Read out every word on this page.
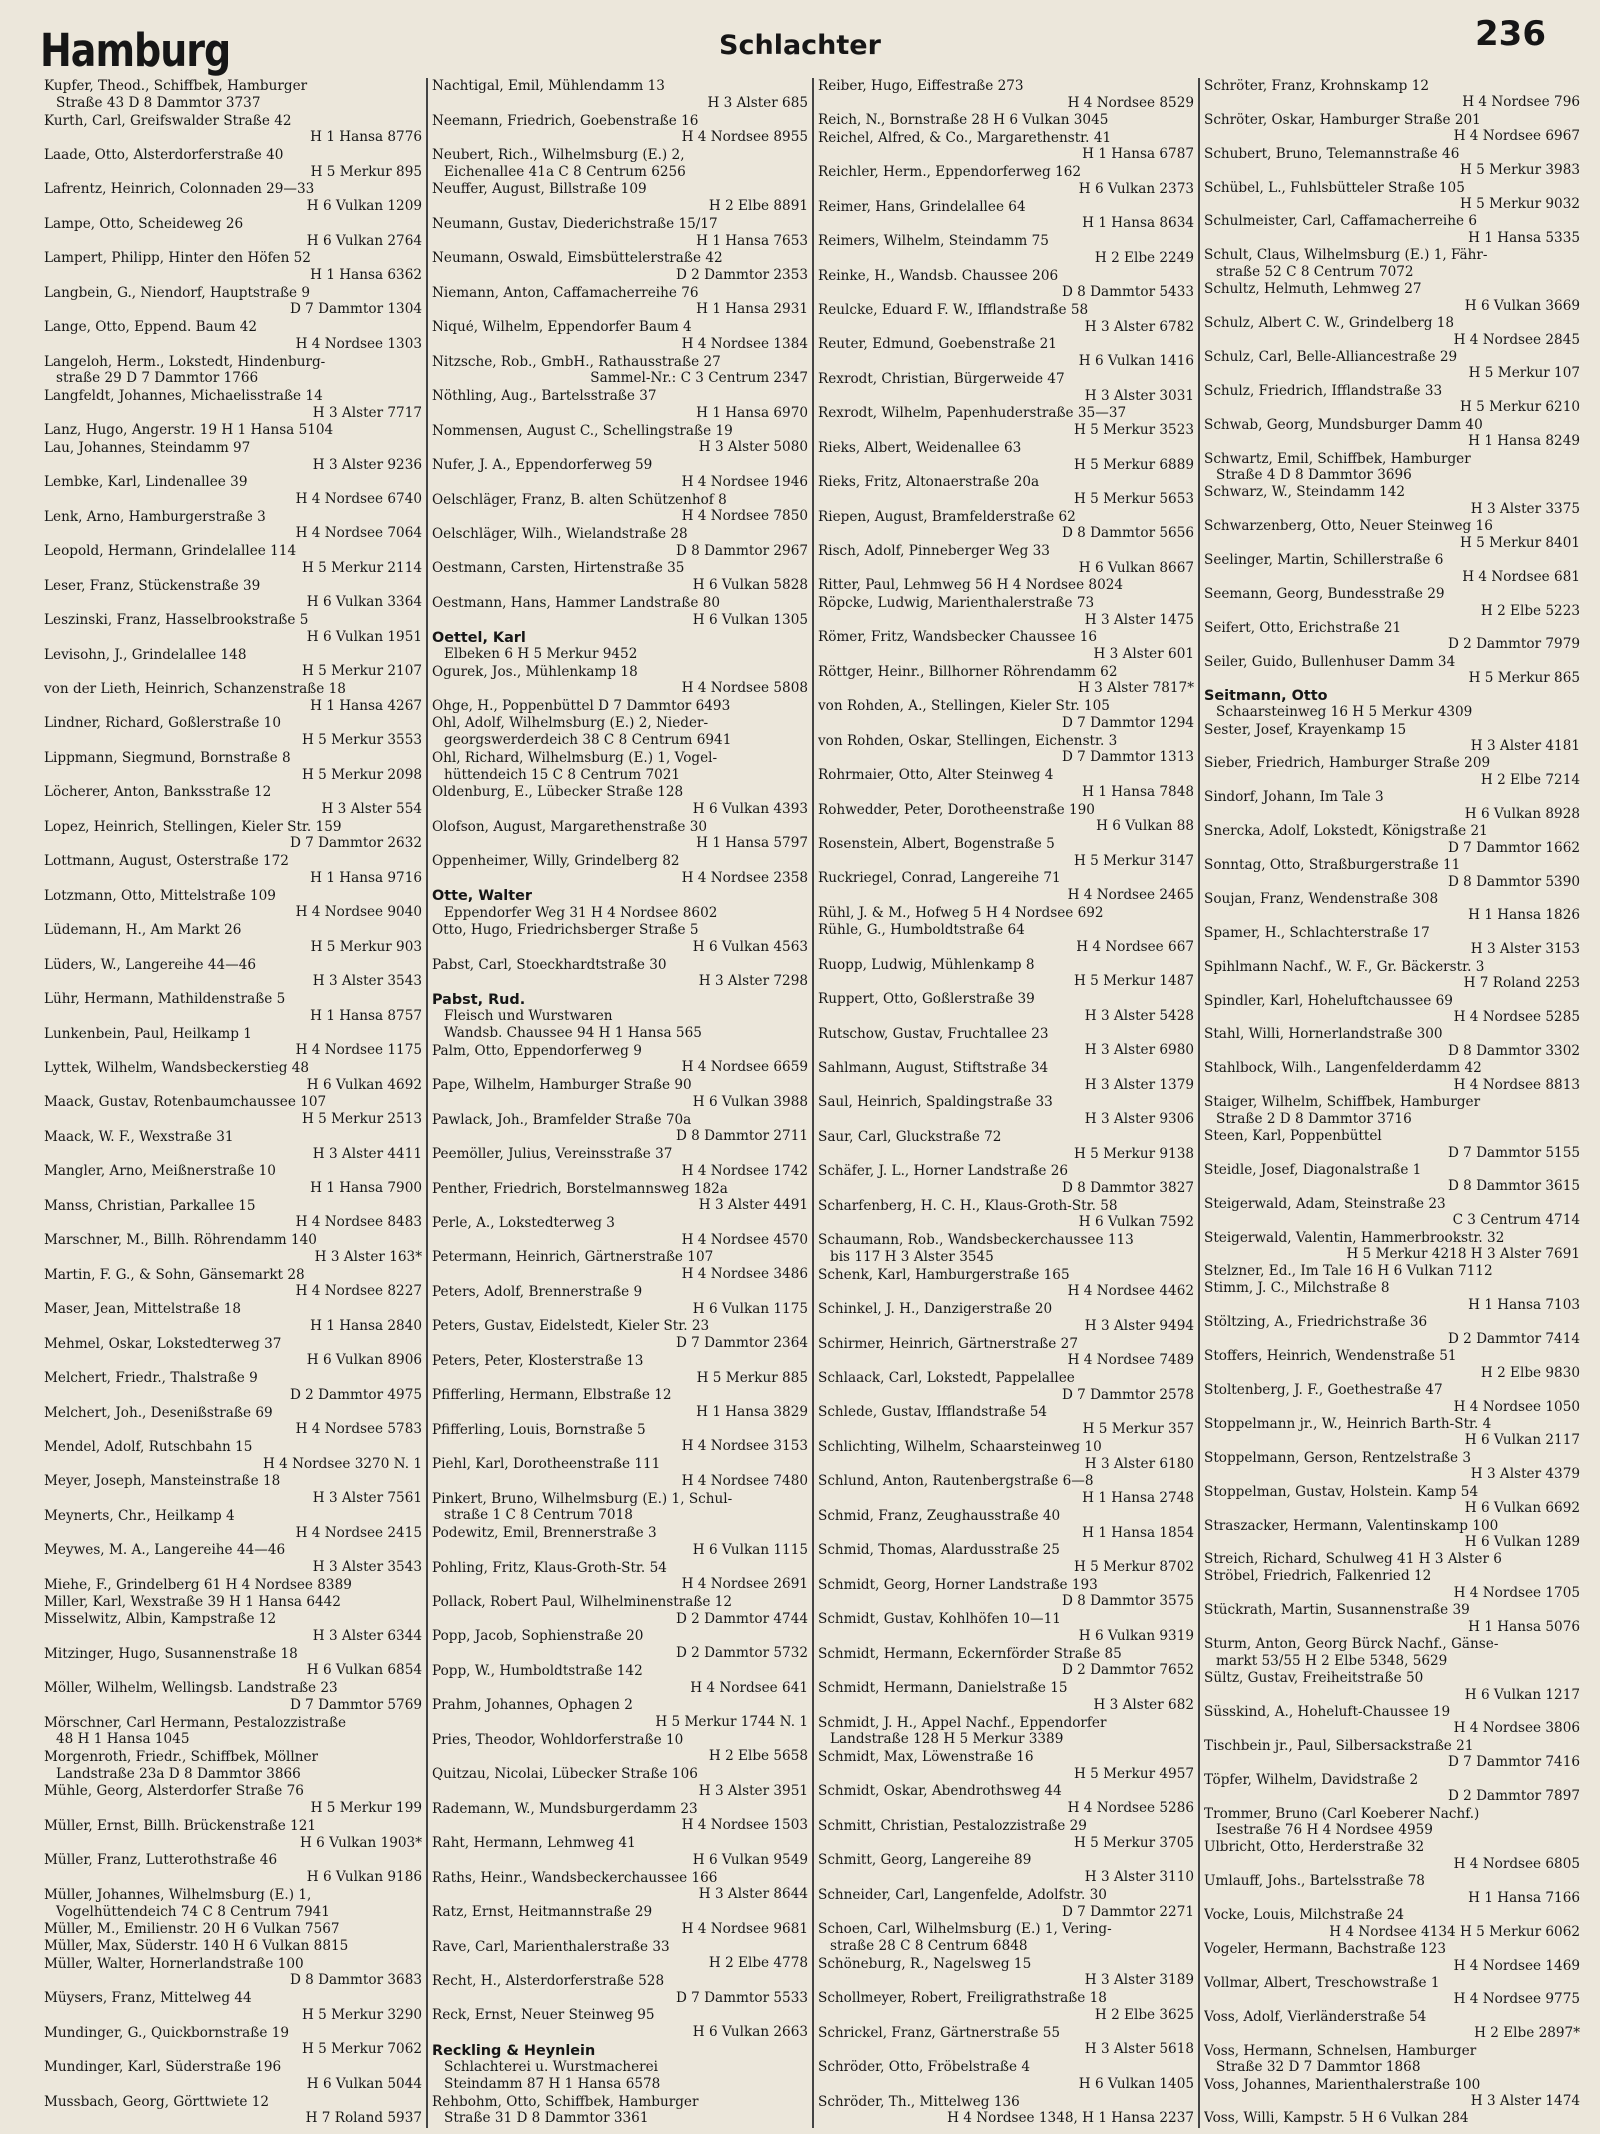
Hamburg	Schlachter	236
Kupfer, Theod., Schiffbek, Hamburger
Straße 43 D 8 Dammtor 3737
Kurth, Carl, Greifswalder Straße 42
H 1 Hansa 8776
Laade, Otto, Alsterdorferstraße 40
H 5 Merkur 895
Lafrentz, Heinrich, Colonnaden 29—33
H 6 Vulkan 1209
Lampe, Otto, Scheideweg 26
H 6 Vulkan 2764
Lampert, Philipp, Hinter den Höfen 52
H 1 Hansa 6362
Langbein, G., Niendorf, Hauptstraße 9
D 7 Dammtor 1304
Lange, Otto, Eppend. Baum 42
H 4 Nordsee 1303
Langeloh, Herm., Lokstedt, Hindenburg-
straße 29 D 7 Dammtor 1766
Langfeldt, Johannes, Michaelisstraße 14
H 3 Alster 7717
Lanz, Hugo, Angerstr. 19 H 1 Hansa 5104
Lau, Johannes, Steindamm 97
H 3 Alster 9236
Lembke, Karl, Lindenallee 39
H 4 Nordsee 6740
Lenk, Arno, Hamburgerstraße 3
H 4 Nordsee 7064
Leopold, Hermann, Grindelallee 114
H 5 Merkur 2114
Leser, Franz, Stückenstraße 39
H 6 Vulkan 3364
Leszinski, Franz, Hasselbrookstraße 5
H 6 Vulkan 1951
Levisohn, J., Grindelallee 148
H 5 Merkur 2107
von der Lieth, Heinrich, Schanzenstraße 18
H 1 Hansa 4267
Lindner, Richard, Goßlerstraße 10
H 5 Merkur 3553
Lippmann, Siegmund, Bornstraße 8
H 5 Merkur 2098
Löcherer, Anton, Banksstraße 12
H 3 Alster 554
Lopez, Heinrich, Stellingen, Kieler Str. 159
D 7 Dammtor 2632
Lottmann, August, Osterstraße 172
H 1 Hansa 9716
Lotzmann, Otto, Mittelstraße 109
H 4 Nordsee 9040
Lüdemann, H., Am Markt 26
H 5 Merkur 903
Lüders, W., Langereihe 44—46
H 3 Alster 3543
Lühr, Hermann, Mathildenstraße 5
H 1 Hansa 8757
Lunkenbein, Paul, Heilkamp 1
H 4 Nordsee 1175
Lyttek, Wilhelm, Wandsbeckerstieg 48
H 6 Vulkan 4692
Maack, Gustav, Rotenbaumchaussee 107
H 5 Merkur 2513
Maack, W. F., Wexstraße 31
H 3 Alster 4411
Mangler, Arno, Meißnerstraße 10
H 1 Hansa 7900
Manss, Christian, Parkallee 15
H 4 Nordsee 8483
Marschner, M., Billh. Röhrendamm 140
H 3 Alster 163*
Martin, F. G., & Sohn, Gänsemarkt 28
H 4 Nordsee 8227
Maser, Jean, Mittelstraße 18
H 1 Hansa 2840
Mehmel, Oskar, Lokstedterweg 37
H 6 Vulkan 8906
Melchert, Friedr., Thalstraße 9
D 2 Dammtor 4975
Melchert, Joh., Desenißstraße 69
H 4 Nordsee 5783
Mendel, Adolf, Rutschbahn 15
H 4 Nordsee 3270 N. 1
Meyer, Joseph, Mansteinstraße 18
H 3 Alster 7561
Meynerts, Chr., Heilkamp 4
H 4 Nordsee 2415
Meywes, M. A., Langereihe 44—46
H 3 Alster 3543
Miehe, F., Grindelberg 61 H 4 Nordsee 8389
Miller, Karl, Wexstraße 39 H 1 Hansa 6442
Misselwitz, Albin, Kampstraße 12
H 3 Alster 6344
Mitzinger, Hugo, Susannenstraße 18
H 6 Vulkan 6854
Möller, Wilhelm, Wellingsb. Landstraße 23
D 7 Dammtor 5769
Mörschner, Carl Hermann, Pestalozzistraße
48 H 1 Hansa 1045
Morgenroth, Friedr., Schiffbek, Möllner
Landstraße 23a D 8 Dammtor 3866
Mühle, Georg, Alsterdorfer Straße 76
H 5 Merkur 199
Müller, Ernst, Billh. Brückenstraße 121
H 6 Vulkan 1903*
Müller, Franz, Lutterothstraße 46
H 6 Vulkan 9186
Müller, Johannes, Wilhelmsburg (E.) 1,
Vogelhüttendeich 74 C 8 Centrum 7941
Müller, M., Emilienstr. 20 H 6 Vulkan 7567
Müller, Max, Süderstr. 140 H 6 Vulkan 8815
Müller, Walter, Hornerlandstraße 100
D 8 Dammtor 3683
Müysers, Franz, Mittelweg 44
H 5 Merkur 3290
Mundinger, G., Quickbornstraße 19
H 5 Merkur 7062
Mundinger, Karl, Süderstraße 196
H 6 Vulkan 5044
Mussbach, Georg, Görttwiete 12
H 7 Roland 5937
Nachtigal, Emil, Mühlendamm 13
H 3 Alster 685
Neemann, Friedrich, Goebenstraße 16
H 4 Nordsee 8955
Neubert, Rich., Wilhelmsburg (E.) 2,
Eichenallee 41a C 8 Centrum 6256
Neuffer, August, Billstraße 109
H 2 Elbe 8891
Neumann, Gustav, Diederichstraße 15/17
H 1 Hansa 7653
Neumann, Oswald, Eimsbüttelerstraße 42
D 2 Dammtor 2353
Niemann, Anton, Caffamacherreihe 76
H 1 Hansa 2931
Niqué, Wilhelm, Eppendorfer Baum 4
H 4 Nordsee 1384
Nitzsche, Rob., GmbH., Rathausstraße 27
Sammel-Nr.: C 3 Centrum 2347
Nöthling, Aug., Bartelsstraße 37
H 1 Hansa 6970
Nommensen, August C., Schellingstraße 19
H 3 Alster 5080
Nufer, J. A., Eppendorferweg 59
H 4 Nordsee 1946
Oelschläger, Franz, B. alten Schützenhof 8
H 4 Nordsee 7850
Oelschläger, Wilh., Wielandstraße 28
D 8 Dammtor 2967
Oestmann, Carsten, Hirtenstraße 35
H 6 Vulkan 5828
Oestmann, Hans, Hammer Landstraße 80
H 6 Vulkan 1305
Oettel, Karl
Elbeken 6 H 5 Merkur 9452
Ogurek, Jos., Mühlenkamp 18
H 4 Nordsee 5808
Ohge, H., Poppenbüttel D 7 Dammtor 6493
Ohl, Adolf, Wilhelmsburg (E.) 2, Nieder-
georgswerderdeich 38 C 8 Centrum 6941
Ohl, Richard, Wilhelmsburg (E.) 1, Vogel-
hüttendeich 15 C 8 Centrum 7021
Oldenburg, E., Lübecker Straße 128
H 6 Vulkan 4393
Olofson, August, Margarethenstraße 30
H 1 Hansa 5797
Oppenheimer, Willy, Grindelberg 82
H 4 Nordsee 2358
Otte, Walter
Eppendorfer Weg 31 H 4 Nordsee 8602
Otto, Hugo, Friedrichsberger Straße 5
H 6 Vulkan 4563
Pabst, Carl, Stoeckhardtstraße 30
H 3 Alster 7298
Pabst, Rud.
Fleisch und Wurstwaren
Wandsb. Chaussee 94 H 1 Hansa 565
Palm, Otto, Eppendorferweg 9
H 4 Nordsee 6659
Pape, Wilhelm, Hamburger Straße 90
H 6 Vulkan 3988
Pawlack, Joh., Bramfelder Straße 70a
D 8 Dammtor 2711
Peemöller, Julius, Vereinsstraße 37
H 4 Nordsee 1742
Penther, Friedrich, Borstelmannsweg 182a
H 3 Alster 4491
Perle, A., Lokstedterweg 3
H 4 Nordsee 4570
Petermann, Heinrich, Gärtnerstraße 107
H 4 Nordsee 3486
Peters, Adolf, Brennerstraße 9
H 6 Vulkan 1175
Peters, Gustav, Eidelstedt, Kieler Str. 23
D 7 Dammtor 2364
Peters, Peter, Klosterstraße 13
H 5 Merkur 885
Pfifferling, Hermann, Elbstraße 12
H 1 Hansa 3829
Pfifferling, Louis, Bornstraße 5
H 4 Nordsee 3153
Piehl, Karl, Dorotheenstraße 111
H 4 Nordsee 7480
Pinkert, Bruno, Wilhelmsburg (E.) 1, Schul-
straße 1 C 8 Centrum 7018
Podewitz, Emil, Brennerstraße 3
H 6 Vulkan 1115
Pohling, Fritz, Klaus-Groth-Str. 54
H 4 Nordsee 2691
Pollack, Robert Paul, Wilhelminenstraße 12
D 2 Dammtor 4744
Popp, Jacob, Sophienstraße 20
D 2 Dammtor 5732
Popp, W., Humboldtstraße 142
H 4 Nordsee 641
Prahm, Johannes, Ophagen 2
H 5 Merkur 1744 N. 1
Pries, Theodor, Wohldorferstraße 10
H 2 Elbe 5658
Quitzau, Nicolai, Lübecker Straße 106
H 3 Alster 3951
Rademann, W., Mundsburgerdamm 23
H 4 Nordsee 1503
Raht, Hermann, Lehmweg 41
H 6 Vulkan 9549
Raths, Heinr., Wandsbeckerchaussee 166
H 3 Alster 8644
Ratz, Ernst, Heitmannstraße 29
H 4 Nordsee 9681
Rave, Carl, Marienthalerstraße 33
H 2 Elbe 4778
Recht, H., Alsterdorferstraße 528
D 7 Dammtor 5533
Reck, Ernst, Neuer Steinweg 95
H 6 Vulkan 2663
Reckling & Heynlein
Schlachterei u. Wurstmacherei
Steindamm 87 H 1 Hansa 6578
Rehbohm, Otto, Schiffbek, Hamburger
Straße 31 D 8 Dammtor 3361
Reiber, Hugo, Eiffestraße 273
H 4 Nordsee 8529
Reich, N., Bornstraße 28 H 6 Vulkan 3045
Reichel, Alfred, & Co., Margarethenstr. 41
H 1 Hansa 6787
Reichler, Herm., Eppendorferweg 162
H 6 Vulkan 2373
Reimer, Hans, Grindelallee 64
H 1 Hansa 8634
Reimers, Wilhelm, Steindamm 75
H 2 Elbe 2249
Reinke, H., Wandsb. Chaussee 206
D 8 Dammtor 5433
Reulcke, Eduard F. W., Ifflandstraße 58
H 3 Alster 6782
Reuter, Edmund, Goebenstraße 21
H 6 Vulkan 1416
Rexrodt, Christian, Bürgerweide 47
H 3 Alster 3031
Rexrodt, Wilhelm, Papenhuderstraße 35—37
H 5 Merkur 3523
Rieks, Albert, Weidenallee 63
H 5 Merkur 6889
Rieks, Fritz, Altonaerstraße 20a
H 5 Merkur 5653
Riepen, August, Bramfelderstraße 62
D 8 Dammtor 5656
Risch, Adolf, Pinneberger Weg 33
H 6 Vulkan 8667
Ritter, Paul, Lehmweg 56 H 4 Nordsee 8024
Röpcke, Ludwig, Marienthalerstraße 73
H 3 Alster 1475
Römer, Fritz, Wandsbecker Chaussee 16
H 3 Alster 601
Röttger, Heinr., Billhorner Röhrendamm 62
H 3 Alster 7817*
von Rohden, A., Stellingen, Kieler Str. 105
D 7 Dammtor 1294
von Rohden, Oskar, Stellingen, Eichenstr. 3
D 7 Dammtor 1313
Rohrmaier, Otto, Alter Steinweg 4
H 1 Hansa 7848
Rohwedder, Peter, Dorotheenstraße 190
H 6 Vulkan 88
Rosenstein, Albert, Bogenstraße 5
H 5 Merkur 3147
Ruckriegel, Conrad, Langereihe 71
H 4 Nordsee 2465
Rühl, J. & M., Hofweg 5 H 4 Nordsee 692
Rühle, G., Humboldtstraße 64
H 4 Nordsee 667
Ruopp, Ludwig, Mühlenkamp 8
H 5 Merkur 1487
Ruppert, Otto, Goßlerstraße 39
H 3 Alster 5428
Rutschow, Gustav, Fruchtallee 23
H 3 Alster 6980
Sahlmann, August, Stiftstraße 34
H 3 Alster 1379
Saul, Heinrich, Spaldingstraße 33
H 3 Alster 9306
Saur, Carl, Gluckstraße 72
H 5 Merkur 9138
Schäfer, J. L., Horner Landstraße 26
D 8 Dammtor 3827
Scharfenberg, H. C. H., Klaus-Groth-Str. 58
H 6 Vulkan 7592
Schaumann, Rob., Wandsbeckerchaussee 113
bis 117 H 3 Alster 3545
Schenk, Karl, Hamburgerstraße 165
H 4 Nordsee 4462
Schinkel, J. H., Danzigerstraße 20
H 3 Alster 9494
Schirmer, Heinrich, Gärtnerstraße 27
H 4 Nordsee 7489
Schlaack, Carl, Lokstedt, Pappelallee
D 7 Dammtor 2578
Schlede, Gustav, Ifflandstraße 54
H 5 Merkur 357
Schlichting, Wilhelm, Schaarsteinweg 10
H 3 Alster 6180
Schlund, Anton, Rautenbergstraße 6—8
H 1 Hansa 2748
Schmid, Franz, Zeughausstraße 40
H 1 Hansa 1854
Schmid, Thomas, Alardusstraße 25
H 5 Merkur 8702
Schmidt, Georg, Horner Landstraße 193
D 8 Dammtor 3575
Schmidt, Gustav, Kohlhöfen 10—11
H 6 Vulkan 9319
Schmidt, Hermann, Eckernförder Straße 85
D 2 Dammtor 7652
Schmidt, Hermann, Danielstraße 15
H 3 Alster 682
Schmidt, J. H., Appel Nachf., Eppendorfer
Landstraße 128 H 5 Merkur 3389
Schmidt, Max, Löwenstraße 16
H 5 Merkur 4957
Schmidt, Oskar, Abendrothsweg 44
H 4 Nordsee 5286
Schmitt, Christian, Pestalozzistraße 29
H 5 Merkur 3705
Schmitt, Georg, Langereihe 89
H 3 Alster 3110
Schneider, Carl, Langenfelde, Adolfstr. 30
D 7 Dammtor 2271
Schoen, Carl, Wilhelmsburg (E.) 1, Vering-
straße 28 C 8 Centrum 6848
Schöneburg, R., Nagelsweg 15
H 3 Alster 3189
Schollmeyer, Robert, Freiligrathstraße 18
H 2 Elbe 3625
Schrickel, Franz, Gärtnerstraße 55
H 3 Alster 5618
Schröder, Otto, Fröbelstraße 4
H 6 Vulkan 1405
Schröder, Th., Mittelweg 136
H 4 Nordsee 1348, H 1 Hansa 2237
Schröter, Franz, Krohnskamp 12
H 4 Nordsee 796
Schröter, Oskar, Hamburger Straße 201
H 4 Nordsee 6967
Schubert, Bruno, Telemannstraße 46
H 5 Merkur 3983
Schübel, L., Fuhlsbütteler Straße 105
H 5 Merkur 9032
Schulmeister, Carl, Caffamacherreihe 6
H 1 Hansa 5335
Schult, Claus, Wilhelmsburg (E.) 1, Fähr-
straße 52 C 8 Centrum 7072
Schultz, Helmuth, Lehmweg 27
H 6 Vulkan 3669
Schulz, Albert C. W., Grindelberg 18
H 4 Nordsee 2845
Schulz, Carl, Belle-Alliancestraße 29
H 5 Merkur 107
Schulz, Friedrich, Ifflandstraße 33
H 5 Merkur 6210
Schwab, Georg, Mundsburger Damm 40
H 1 Hansa 8249
Schwartz, Emil, Schiffbek, Hamburger
Straße 4 D 8 Dammtor 3696
Schwarz, W., Steindamm 142
H 3 Alster 3375
Schwarzenberg, Otto, Neuer Steinweg 16
H 5 Merkur 8401
Seelinger, Martin, Schillerstraße 6
H 4 Nordsee 681
Seemann, Georg, Bundesstraße 29
H 2 Elbe 5223
Seifert, Otto, Erichstraße 21
D 2 Dammtor 7979
Seiler, Guido, Bullenhuser Damm 34
H 5 Merkur 865
Seitmann, Otto
Schaarsteinweg 16 H 5 Merkur 4309
Sester, Josef, Krayenkamp 15
H 3 Alster 4181
Sieber, Friedrich, Hamburger Straße 209
H 2 Elbe 7214
Sindorf, Johann, Im Tale 3
H 6 Vulkan 8928
Snercka, Adolf, Lokstedt, Königstraße 21
D 7 Dammtor 1662
Sonntag, Otto, Straßburgerstraße 11
D 8 Dammtor 5390
Soujan, Franz, Wendenstraße 308
H 1 Hansa 1826
Spamer, H., Schlachterstraße 17
H 3 Alster 3153
Spihlmann Nachf., W. F., Gr. Bäckerstr. 3
H 7 Roland 2253
Spindler, Karl, Hoheluftchaussee 69
H 4 Nordsee 5285
Stahl, Willi, Hornerlandstraße 300
D 8 Dammtor 3302
Stahlbock, Wilh., Langenfelderdamm 42
H 4 Nordsee 8813
Staiger, Wilhelm, Schiffbek, Hamburger
Straße 2 D 8 Dammtor 3716
Steen, Karl, Poppenbüttel
D 7 Dammtor 5155
Steidle, Josef, Diagonalstraße 1
D 8 Dammtor 3615
Steigerwald, Adam, Steinstraße 23
C 3 Centrum 4714
Steigerwald, Valentin, Hammerbrookstr. 32
H 5 Merkur 4218 H 3 Alster 7691
Stelzner, Ed., Im Tale 16 H 6 Vulkan 7112
Stimm, J. C., Milchstraße 8
H 1 Hansa 7103
Stöltzing, A., Friedrichstraße 36
D 2 Dammtor 7414
Stoffers, Heinrich, Wendenstraße 51
H 2 Elbe 9830
Stoltenberg, J. F., Goethestraße 47
H 4 Nordsee 1050
Stoppelmann jr., W., Heinrich Barth-Str. 4
H 6 Vulkan 2117
Stoppelmann, Gerson, Rentzelstraße 3
H 3 Alster 4379
Stoppelman, Gustav, Holstein. Kamp 54
H 6 Vulkan 6692
Straszacker, Hermann, Valentinskamp 100
H 6 Vulkan 1289
Streich, Richard, Schulweg 41 H 3 Alster 6
Ströbel, Friedrich, Falkenried 12
H 4 Nordsee 1705
Stückrath, Martin, Susannenstraße 39
H 1 Hansa 5076
Sturm, Anton, Georg Bürck Nachf., Gänse-
markt 53/55 H 2 Elbe 5348, 5629
Sültz, Gustav, Freiheitstraße 50
H 6 Vulkan 1217
Süsskind, A., Hoheluft-Chaussee 19
H 4 Nordsee 3806
Tischbein jr., Paul, Silbersackstraße 21
D 7 Dammtor 7416
Töpfer, Wilhelm, Davidstraße 2
D 2 Dammtor 7897
Trommer, Bruno (Carl Koeberer Nachf.)
Isestraße 76 H 4 Nordsee 4959
Ulbricht, Otto, Herderstraße 32
H 4 Nordsee 6805
Umlauff, Johs., Bartelsstraße 78
H 1 Hansa 7166
Vocke, Louis, Milchstraße 24
H 4 Nordsee 4134 H 5 Merkur 6062
Vogeler, Hermann, Bachstraße 123
H 4 Nordsee 1469
Vollmar, Albert, Treschowstraße 1
H 4 Nordsee 9775
Voss, Adolf, Vierländerstraße 54
H 2 Elbe 2897*
Voss, Hermann, Schnelsen, Hamburger
Straße 32 D 7 Dammtor 1868
Voss, Johannes, Marienthalerstraße 100
H 3 Alster 1474
Voss, Willi, Kampstr. 5 H 6 Vulkan 284
